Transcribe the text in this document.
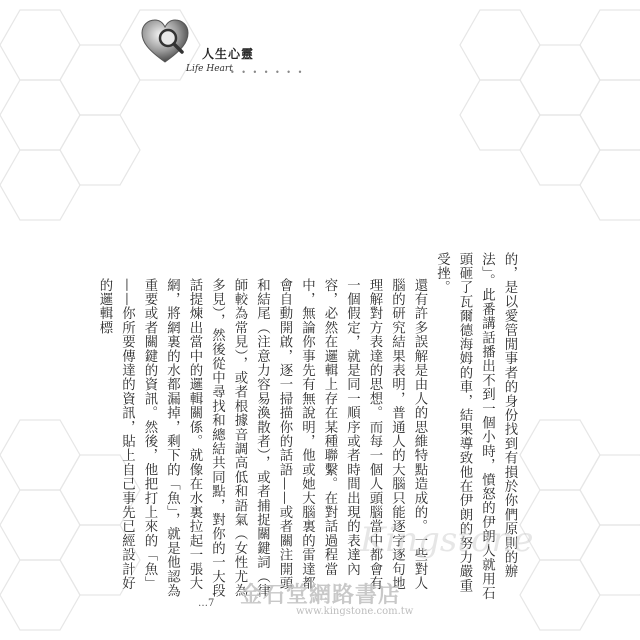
人生心靈
Life Heart
• • • • • • •

的，是以愛管閒事者的身份找到有損於你們原則的辦法」。此番講話播出不到一個小時，憤怒的伊朗人就用石頭砸了瓦爾德海姆的車，結果導致他在伊朗的努力嚴重受挫。

還有許多誤解是由人的思維特點造成的。一些對人腦的研究結果表明，普通人的大腦只能逐字逐句地理解對方表達的思想。而每一個人頭腦當中都會有一個假定，就是同一順序或者時間出現的表達內容，必然在邏輯上存在某種聯繫。在對話過程當中，無論你事先有無說明，他或她大腦裏的雷達都會自動開啟，逐一掃描你的話語——或者關注開頭和結尾（注意力容易渙散者），或者捕捉關鍵詞（律師較為常見），或者根據音調高低和語氣（女性尤為多見），然後從中尋找和總結共同點，對你的一大段話提煉出當中的邏輯關係。就像在水裏拉起一張大網，將網裏的水都漏掉，剩下的「魚」，就是他認為重要或者關鍵的資訊。然後，他把打上來的「魚」——你所要傳達的資訊，貼上自己事先已經設計好的邏輯標

…7
Kingstone
金石堂網路書店
www.kingstone.com.tw
